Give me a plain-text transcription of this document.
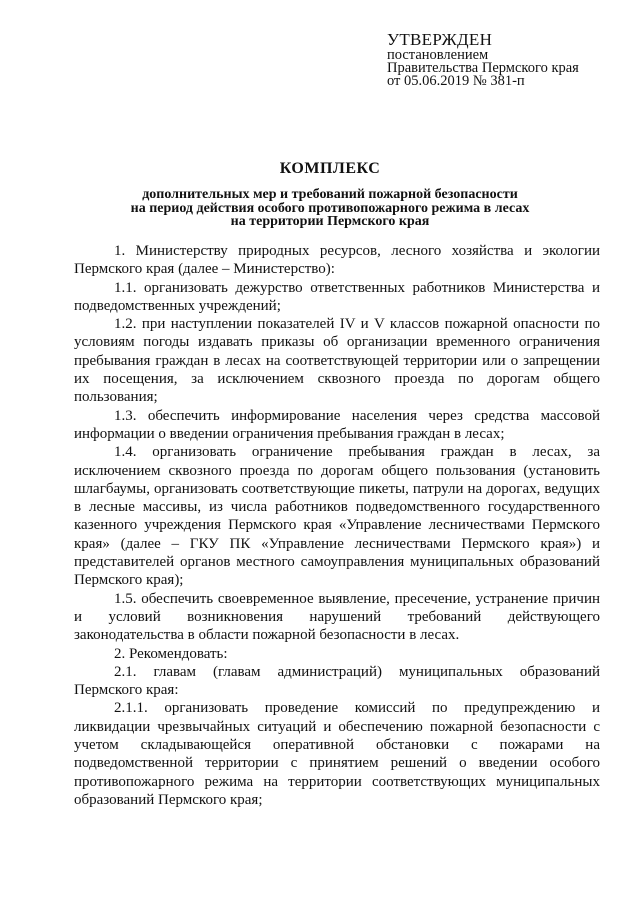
УТВЕРЖДЕН
постановлением
Правительства Пермского края
от 05.06.2019 № 381-п
КОМПЛЕКС
дополнительных мер и требований пожарной безопасности
на период действия особого противопожарного режима в лесах
на территории Пермского края

1. Министерству природных ресурсов, лесного хозяйства и экологии Пермского края (далее – Министерство):

1.1. организовать дежурство ответственных работников Министерства и подведомственных учреждений;

1.2. при наступлении показателей IV и V классов пожарной опасности по условиям погоды издавать приказы об организации временного ограничения пребывания граждан в лесах на соответствующей территории или о запрещении их посещения, за исключением сквозного проезда по дорогам общего пользования;

1.3. обеспечить информирование населения через средства массовой информации о введении ограничения пребывания граждан в лесах;

1.4. организовать ограничение пребывания граждан в лесах, за исключением сквозного проезда по дорогам общего пользования (установить шлагбаумы, организовать соответствующие пикеты, патрули на дорогах, ведущих в лесные массивы, из числа работников подведомственного государственного казенного учреждения Пермского края «Управление лесничествами Пермского края» (далее – ГКУ ПК «Управление лесничествами Пермского края») и представителей органов местного самоуправления муниципальных образований Пермского края);

1.5. обеспечить своевременное выявление, пресечение, устранение причин и условий возникновения нарушений требований действующего законодательства в области пожарной безопасности в лесах.

2. Рекомендовать:

2.1. главам (главам администраций) муниципальных образований Пермского края:

2.1.1. организовать проведение комиссий по предупреждению и ликвидации чрезвычайных ситуаций и обеспечению пожарной безопасности с учетом складывающейся оперативной обстановки с пожарами на подведомственной территории с принятием решений о введении особого противопожарного режима на территории соответствующих муниципальных образований Пермского края;
